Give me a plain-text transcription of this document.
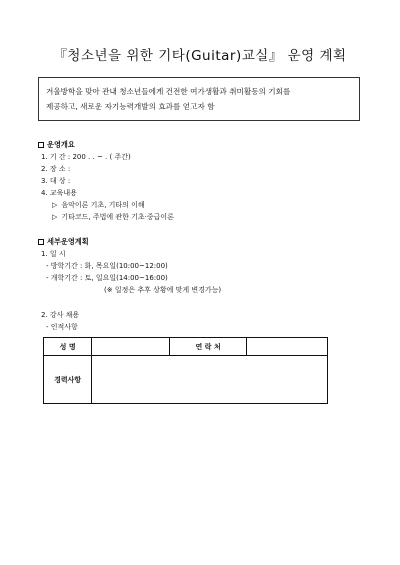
『청소년을 위한 기타(Guitar)교실』 운영 계획
겨울방학을 맞아 관내 청소년들에게 건전한 여가생활과 취미활동의 기회를
제공하고, 새로운 자기능력개발의 효과를 얻고자 함
운영개요
1. 기 간 : 200 . . ~ . ( 주간)
2. 장 소 :
3. 대 상 :
4. 교육내용
▷ 음악이론 기초, 기타의 이해
▷ 기타코드, 주법에 관한 기초·중급이론
세부운영계획
1. 일 시
- 방학기간 : 화, 목요일(10:00~12:00)
- 개학기간 : 토, 일요일(14:00~16:00)
(※ 일정은 추후 상황에 맞게 변경가능)
2. 강사 채용
- 인적사항
성 명		연 락 처	
경력사항			
